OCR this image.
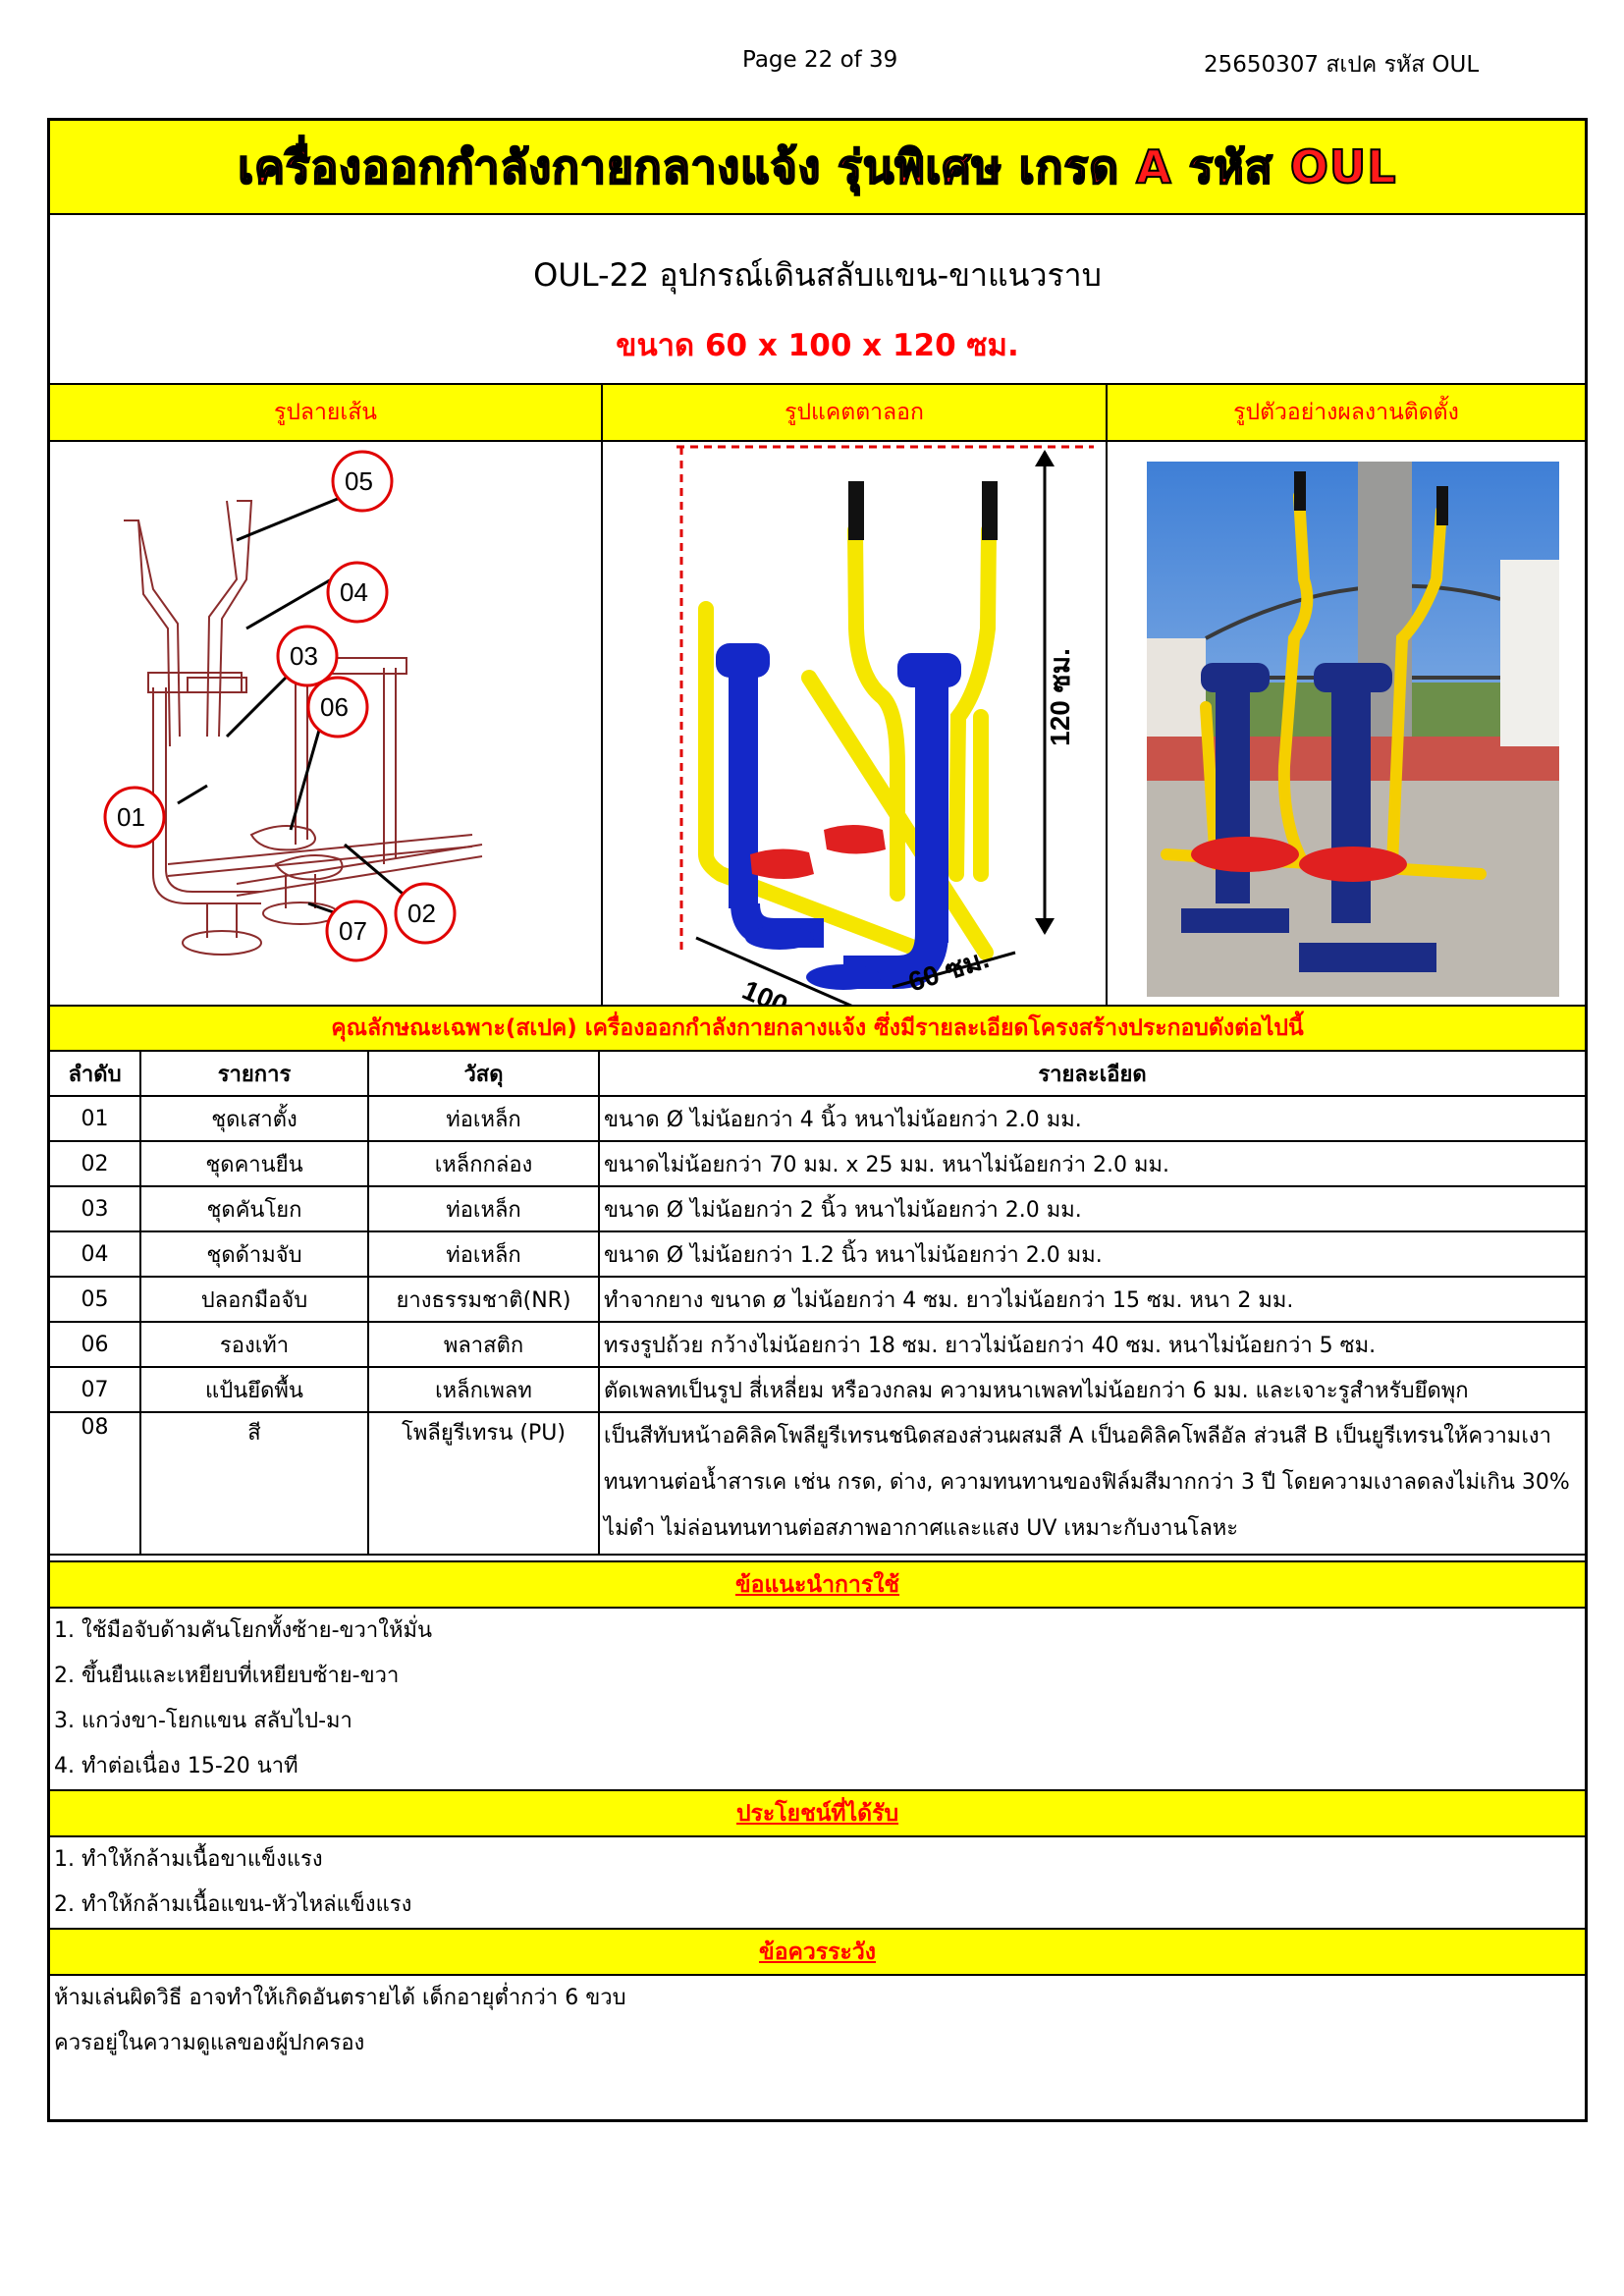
Page 22 of 39	25650307 สเปค รหัส OUL
เครื่องออกกำลังกายกลางแจ้ง รุ่นพิเศษ เกรด A รหัส OUL
OUL-22 อุปกรณ์เดินสลับแขน-ขาแนวราบ
ขนาด 60 x 100 x 120 ซม.
รูปลายเส้น	รูปแคตตาลอก	รูปตัวอย่างผลงานติดตั้ง
05
04
03
06
01
02
07
120 ซม.
60 ซม.
คุณลักษณะเฉพาะ(สเปค) เครื่องออกกำลังกายกลางแจ้ง ซึ่งมีรายละเอียดโครงสร้างประกอบดังต่อไปนี้
ลำดับ	รายการ	วัสดุ	รายละเอียด
01	ชุดเสาตั้ง	ท่อเหล็ก	ขนาด Ø ไม่น้อยกว่า 4 นิ้ว หนาไม่น้อยกว่า 2.0 มม.
02	ชุดคานยืน	เหล็กกล่อง	ขนาดไม่น้อยกว่า 70 มม. x 25 มม. หนาไม่น้อยกว่า 2.0 มม.
03	ชุดคันโยก	ท่อเหล็ก	ขนาด Ø ไม่น้อยกว่า 2 นิ้ว หนาไม่น้อยกว่า 2.0 มม.
04	ชุดด้ามจับ	ท่อเหล็ก	ขนาด Ø ไม่น้อยกว่า 1.2 นิ้ว หนาไม่น้อยกว่า 2.0 มม.
05	ปลอกมือจับ	ยางธรรมชาติ(NR)	ทำจากยาง ขนาด ø ไม่น้อยกว่า 4 ซม. ยาวไม่น้อยกว่า 15 ซม. หนา 2 มม.
06	รองเท้า	พลาสติก	ทรงรูปถ้วย กว้างไม่น้อยกว่า 18 ซม. ยาวไม่น้อยกว่า 40 ซม. หนาไม่น้อยกว่า 5 ซม.
07	แป้นยึดพื้น	เหล็กเพลท	ตัดเพลทเป็นรูป สี่เหลี่ยม หรือวงกลม ความหนาเพลทไม่น้อยกว่า 6 มม. และเจาะรูสำหรับยึดพุก
08	สี	โพลียูรีเทรน (PU)	เป็นสีทับหน้าอคิลิคโพลียูรีเทรนชนิดสองส่วนผสมสี A เป็นอคิลิคโพลีอัล ส่วนสี B เป็นยูรีเทรนให้ความเงาทนทานต่อน้ำสารเค เช่น กรด, ด่าง, ความทนทานของฟิล์มสีมากกว่า 3 ปี โดยความเงาลดลงไม่เกิน 30% ไม่ดำ ไม่ล่อนทนทานต่อสภาพอากาศและแสง UV เหมาะกับงานโลหะ
ข้อแนะนำการใช้
1. ใช้มือจับด้ามคันโยกทั้งซ้าย-ขวาให้มั่น
2. ขึ้นยืนและเหยียบที่เหยียบซ้าย-ขวา
3. แกว่งขา-โยกแขน สลับไป-มา
4. ทำต่อเนื่อง 15-20 นาที
ประโยชน์ที่ได้รับ
1. ทำให้กล้ามเนื้อขาแข็งแรง
2. ทำให้กล้ามเนื้อแขน-หัวไหล่แข็งแรง
ข้อควรระวัง
ห้ามเล่นผิดวิธี อาจทำให้เกิดอันตรายได้ เด็กอายุต่ำกว่า 6 ขวบ
ควรอยู่ในความดูแลของผู้ปกครอง
